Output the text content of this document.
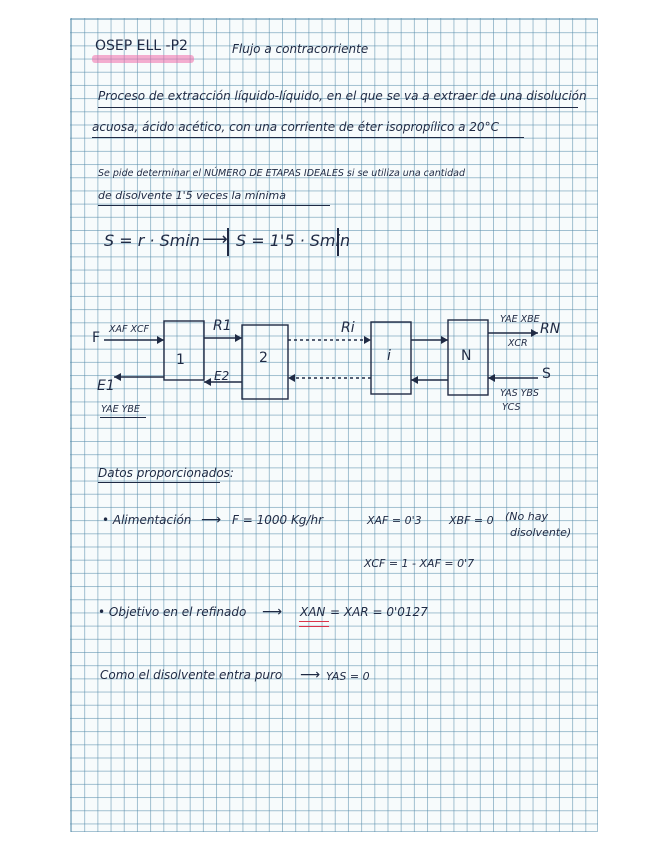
OSEP ELL -P2	Flujo a contracorriente
Proceso de extracción líquido-líquido, en el que se va a extraer de una disolución
acuosa, ácido acético, con una corriente de éter isopropílico a 20°C
Se pide determinar el NÚMERO DE ETAPAS IDEALES si se utiliza una cantidad
de disolvente 1'5 veces la mínima
S = r · Smin ⟶ S = 1'5 · Smin
F
XAF XCF	R1	Ri	RN
YAE XBE
XCR
E1
YAE YBE
E2	S
YAS YBS
YCS
1	2	i	N
Datos proporcionados:
• Alimentación ⟶ F = 1000 Kg/hr	XAF = 0'3 XBF = 0 (No hay
disolvente)
XCF = 1 - XAF = 0'7
• Objetivo en el refinado ⟶ XAN = XAR = 0'0127
Como el disolvente entra puro ⟶ YAS = 0
